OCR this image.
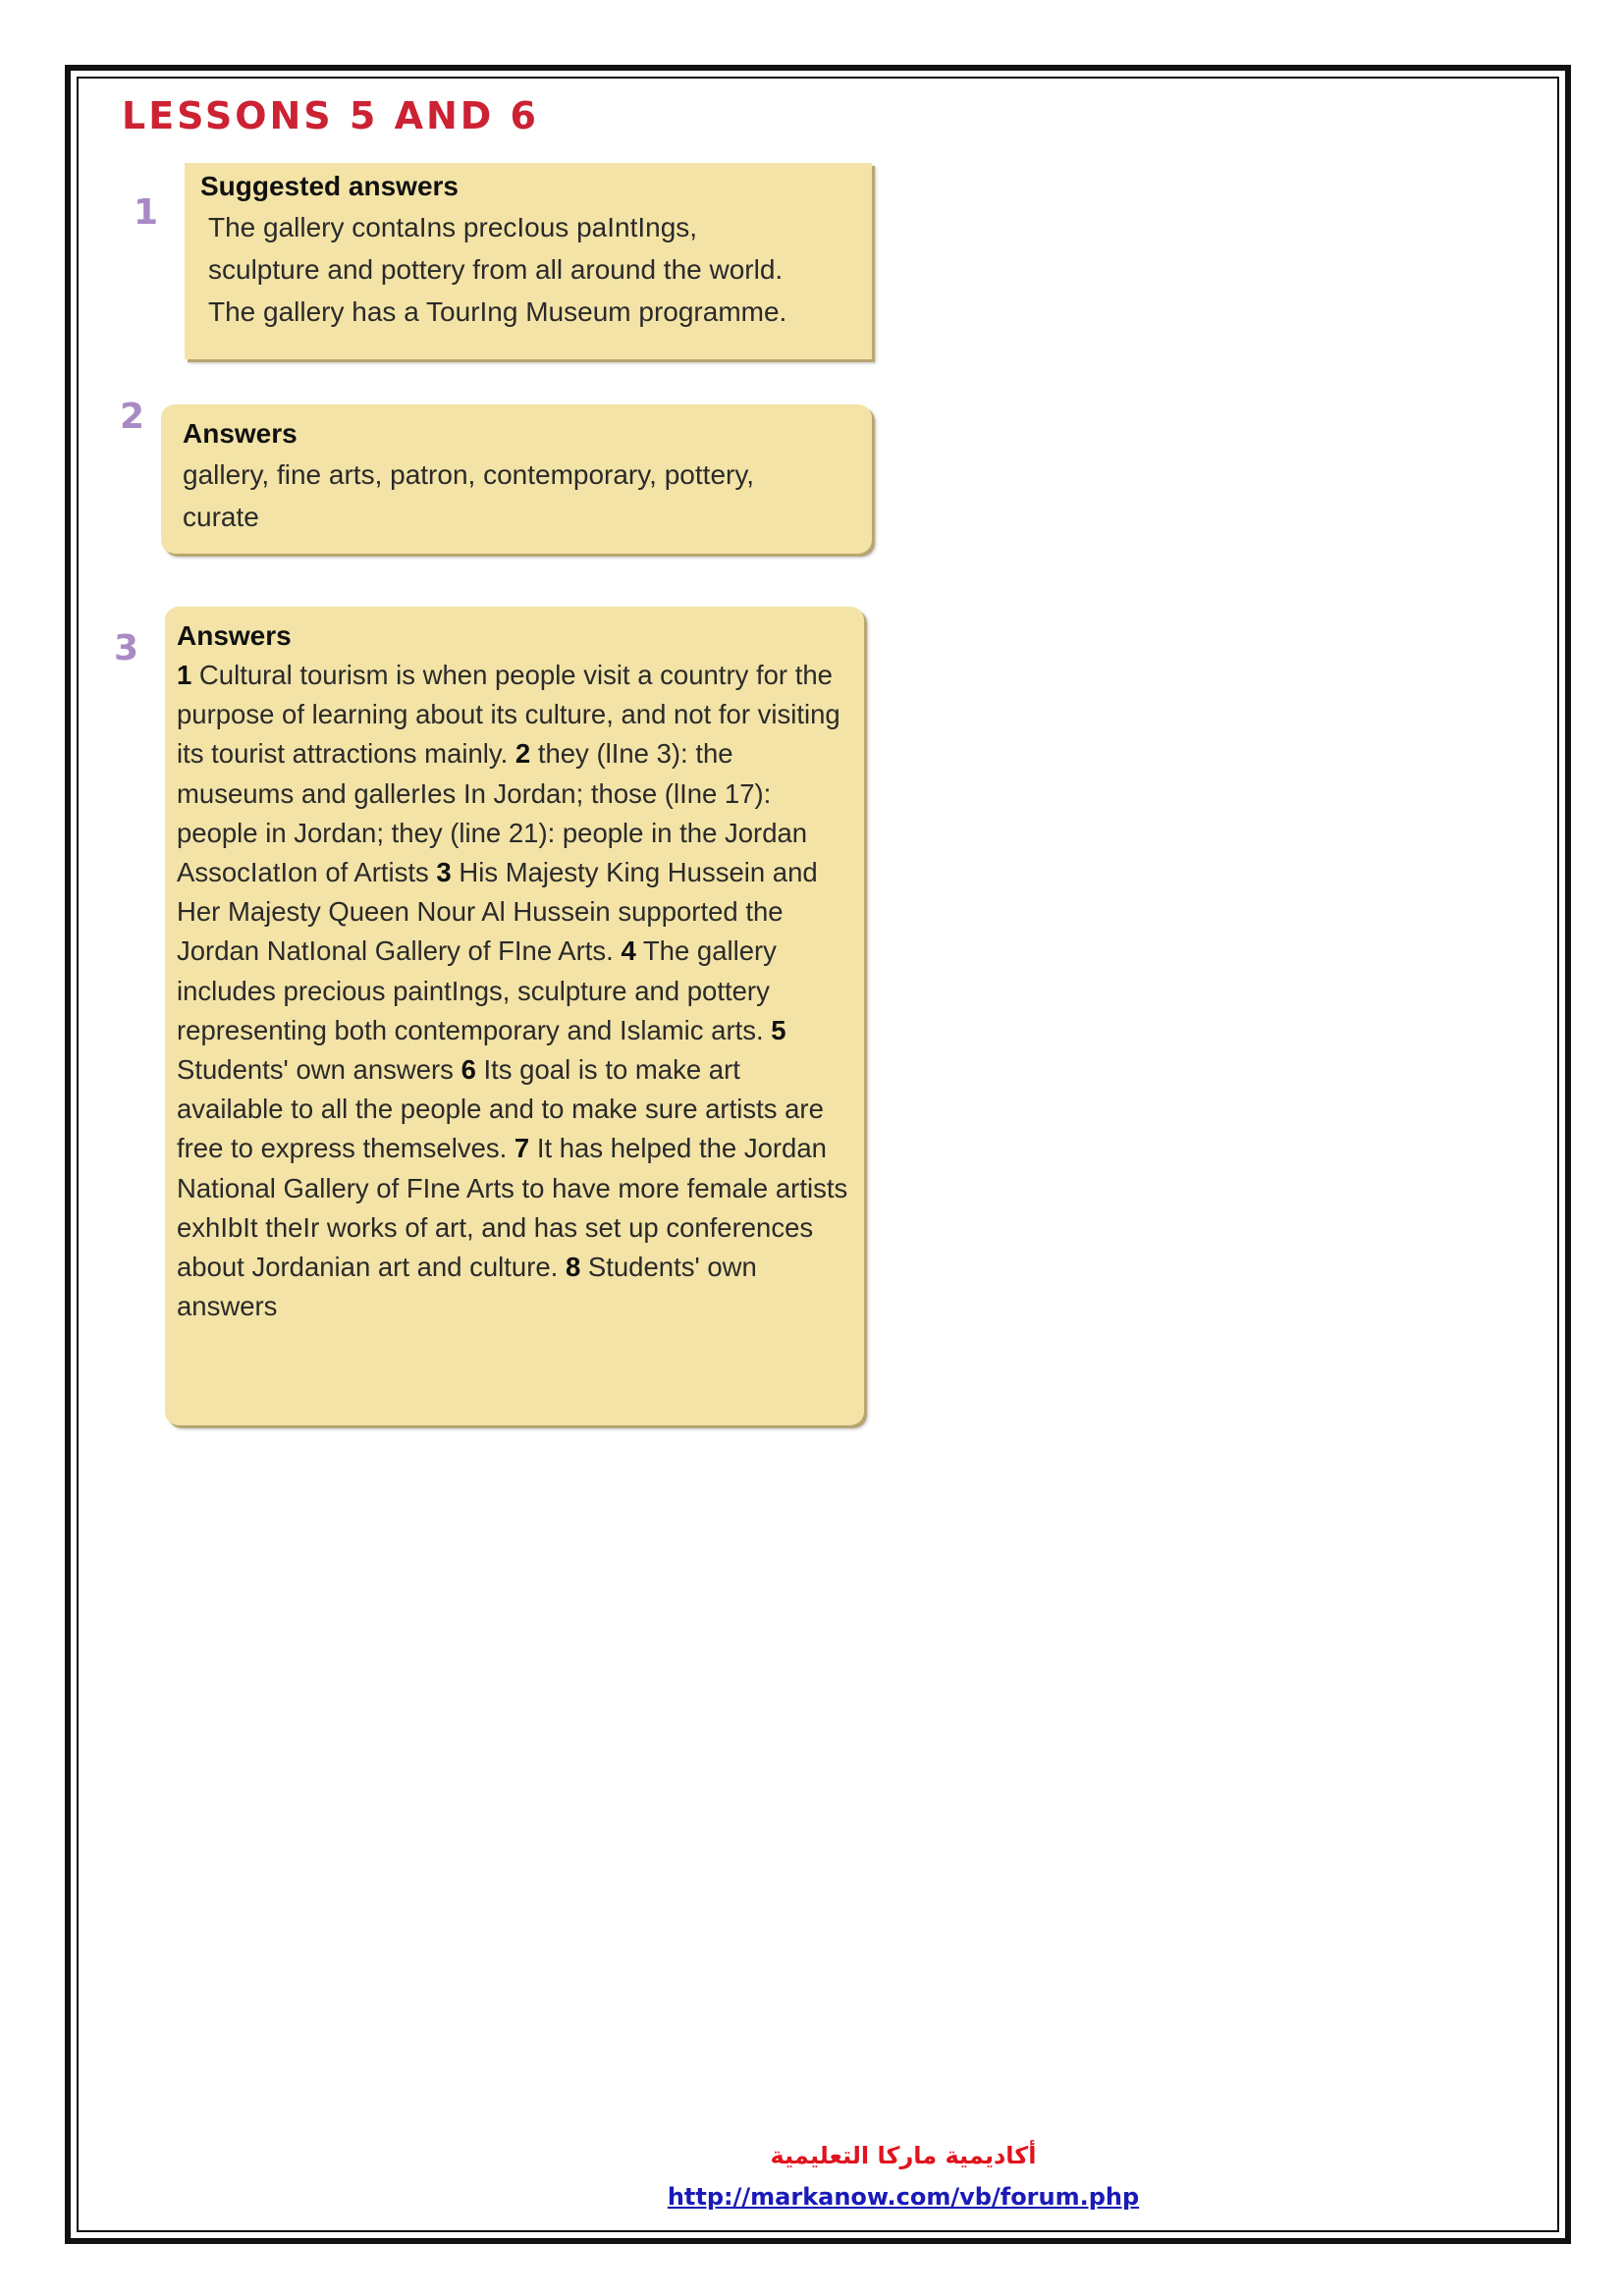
LESSONS 5 AND 6
1

Suggested answers

The gallery contaIns precIous paIntIngs,
sculpture and pottery from all around the world.
The gallery has a TourIng Museum programme.

2 Answers

gallery, fine arts, patron, contemporary, pottery,
curate

3 Answers

1 Cultural tourism is when people visit a country for the purpose of learning about its culture, and not for visiting its tourist attractions mainly. 2 they (lIne 3): the museums and gallerIes In Jordan; those (lIne 17): people in Jordan; they (line 21): people in the Jordan AssocIatIon of Artists 3 His Majesty King Hussein and Her Majesty Queen Nour Al Hussein supported the Jordan NatIonal Gallery of FIne Arts. 4 The gallery includes precious paintIngs, sculpture and pottery representing both contemporary and Islamic arts. 5 Students' own answers 6 Its goal is to make art available to all the people and to make sure artists are free to express themselves. 7 It has helped the Jordan National Gallery of FIne Arts to have more female artists exhIbIt theIr works of art, and has set up conferences about Jordanian art and culture. 8 Students' own answers

أكاديمية ماركا التعليمية
http://markanow.com/vb/forum.php
